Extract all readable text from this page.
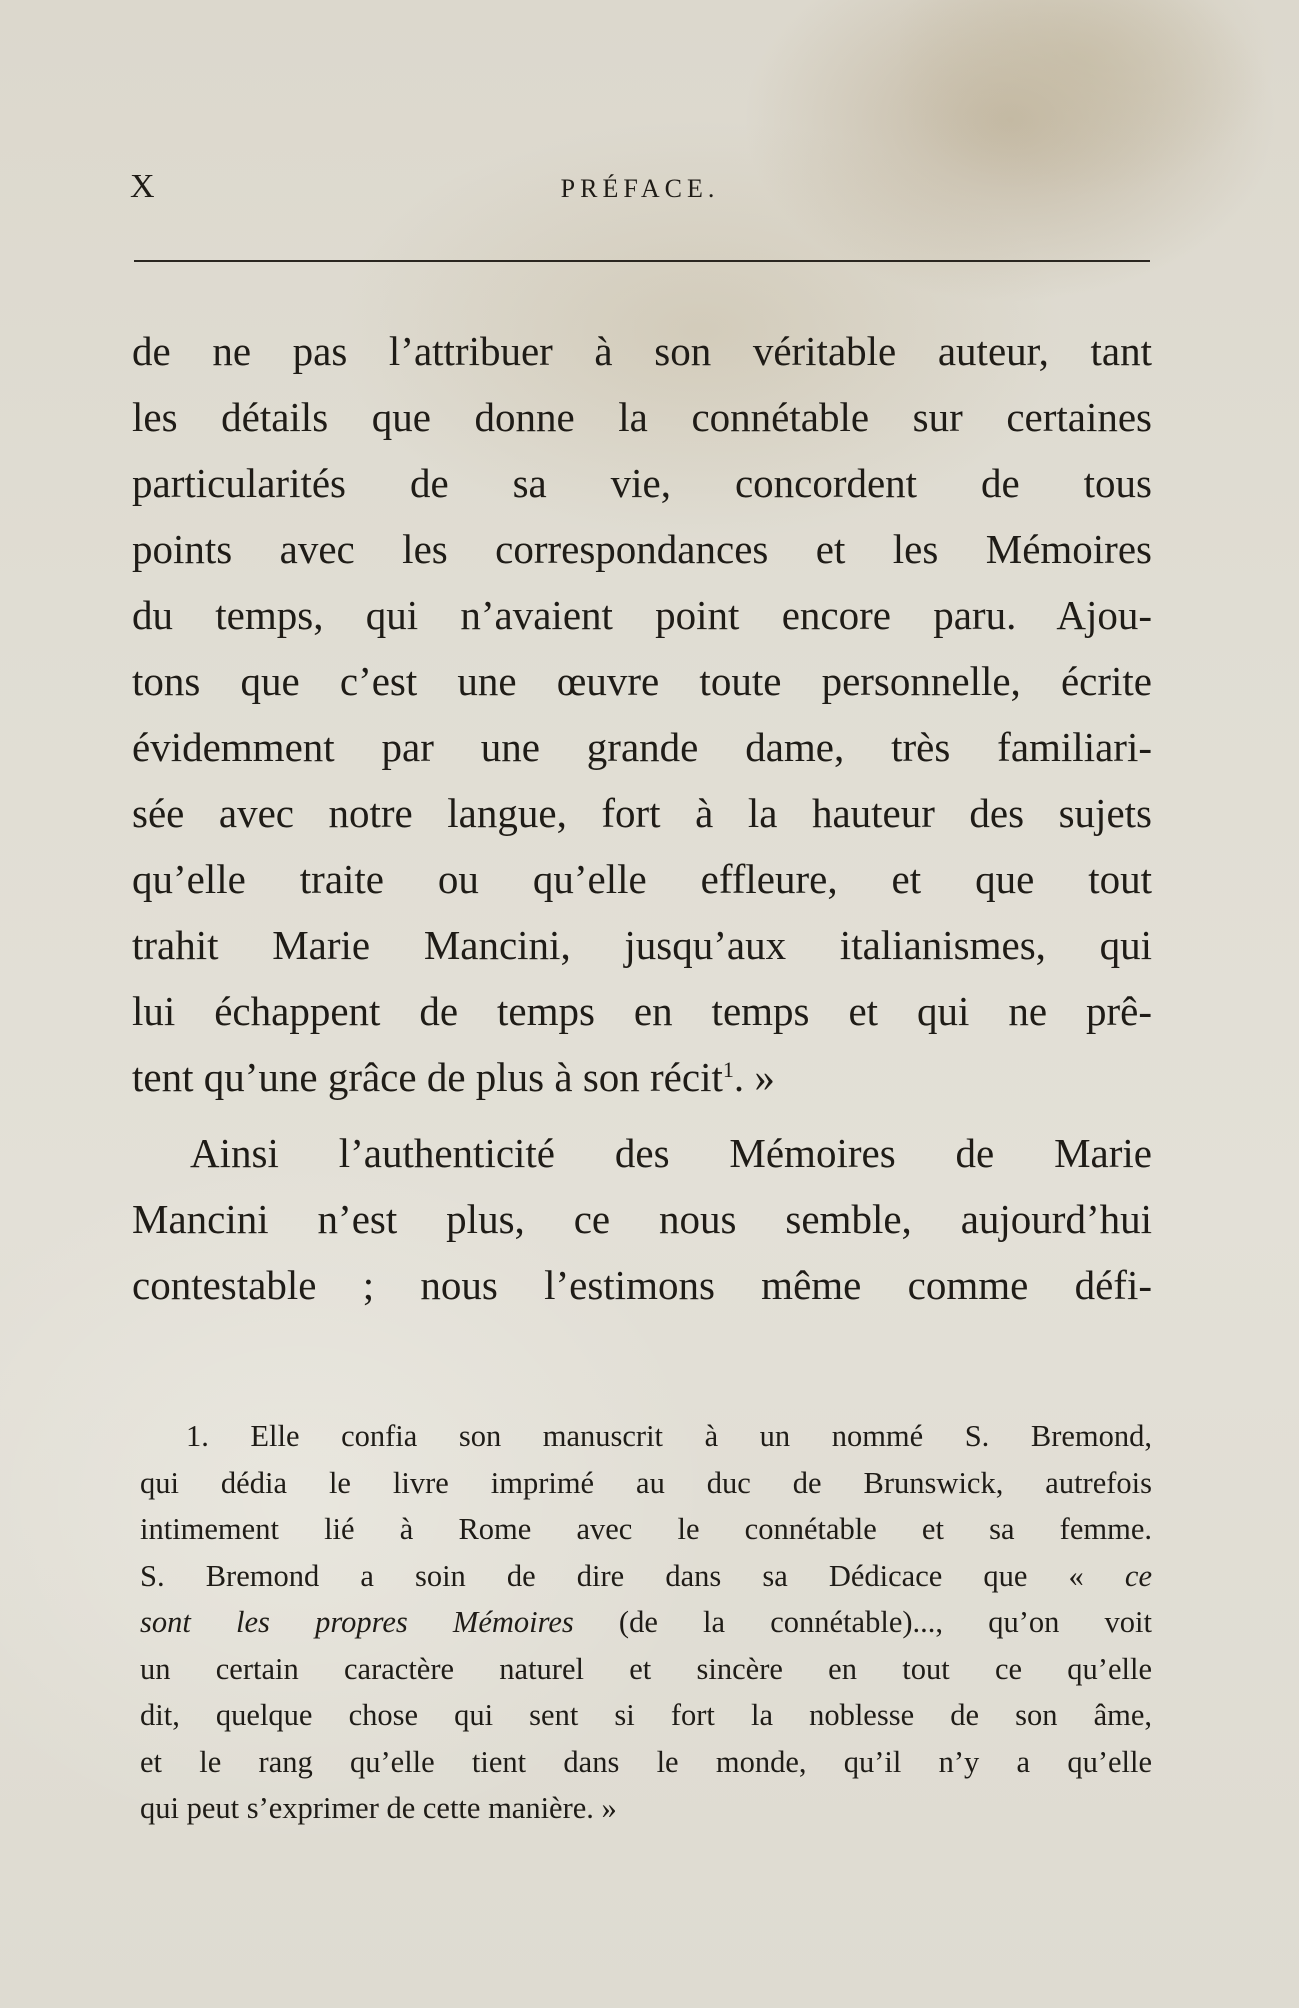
X	PRÉFACE.
de ne pas l’attribuer à son véritable auteur, tant
les détails que donne la connétable sur certaines
particularités de sa vie, concordent de tous
points avec les correspondances et les Mémoires
du temps, qui n’avaient point encore paru. Ajou-
tons que c’est une œuvre toute personnelle, écrite
évidemment par une grande dame, très familiari-
sée avec notre langue, fort à la hauteur des sujets
qu’elle traite ou qu’elle effleure, et que tout
trahit Marie Mancini, jusqu’aux italianismes, qui
lui échappent de temps en temps et qui ne prê-
tent qu’une grâce de plus à son récit$^1$. »
Ainsi l’authenticité des Mémoires de Marie
Mancini n’est plus, ce nous semble, aujourd’hui
contestable ; nous l’estimons même comme défi-
1. Elle confia son manuscrit à un nommé S. Bremond,
qui dédia le livre imprimé au duc de Brunswick, autrefois
intimement lié à Rome avec le connétable et sa femme.
S. Bremond a soin de dire dans sa Dédicace que « ce
sont les propres Mémoires (de la connétable)..., qu’on voit
un certain caractère naturel et sincère en tout ce qu’elle
dit, quelque chose qui sent si fort la noblesse de son âme,
et le rang qu’elle tient dans le monde, qu’il n’y a qu’elle
qui peut s’exprimer de cette manière. »
